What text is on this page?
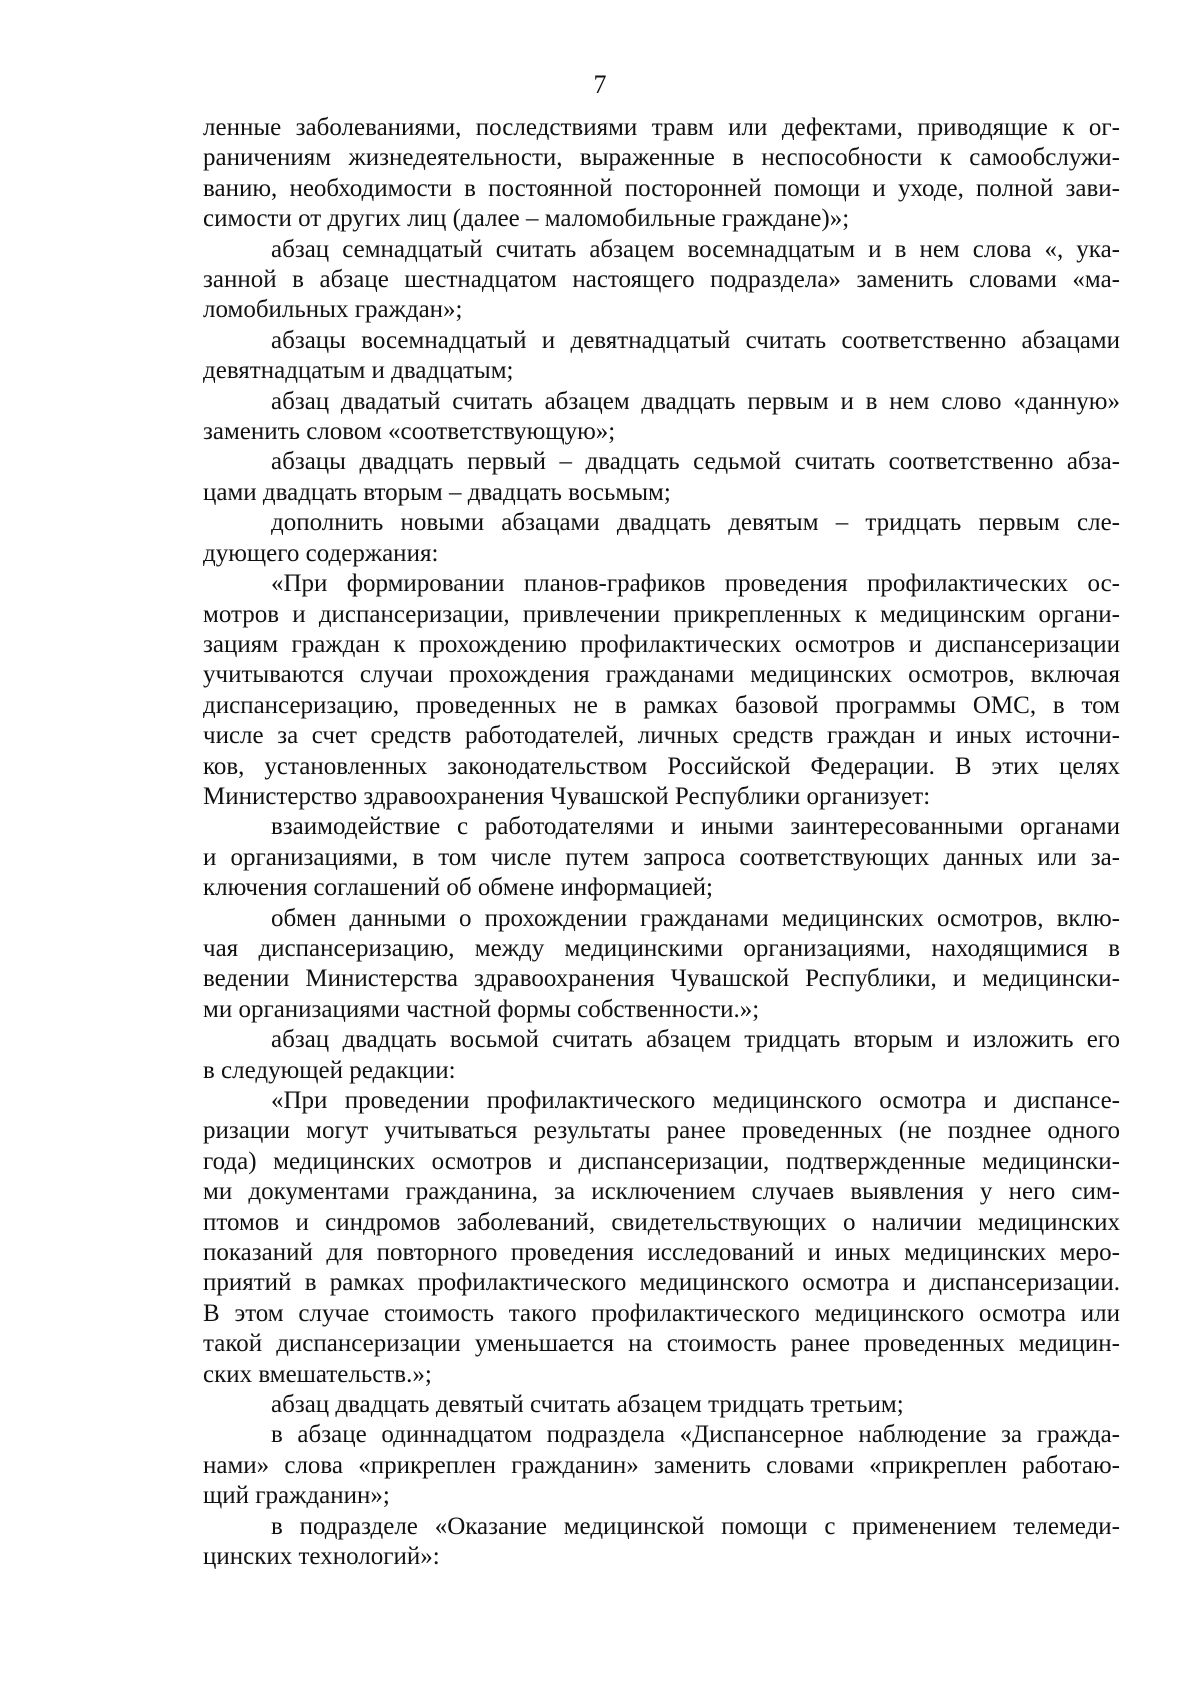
7
ленные заболеваниями, последствиями травм или дефектами, приводящие к ог-
раничениям жизнедеятельности, выраженные в неспособности к самообслужи-
ванию, необходимости в постоянной посторонней помощи и уходе, полной зави-
симости от других лиц (далее – маломобильные граждане)»;
абзац семнадцатый считать абзацем восемнадцатым и в нем слова «, ука-
занной в абзаце шестнадцатом настоящего подраздела» заменить словами «ма-
ломобильных граждан»;
абзацы восемнадцатый и девятнадцатый считать соответственно абзацами
девятнадцатым и двадцатым;
абзац двадатый считать абзацем двадцать первым и в нем слово «данную»
заменить словом «соответствующую»;
абзацы двадцать первый – двадцать седьмой считать соответственно абза-
цами двадцать вторым – двадцать восьмым;
дополнить новыми абзацами двадцать девятым – тридцать первым сле-
дующего содержания:
«При формировании планов-графиков проведения профилактических ос-
мотров и диспансеризации, привлечении прикрепленных к медицинским органи-
зациям граждан к прохождению профилактических осмотров и диспансеризации
учитываются случаи прохождения гражданами медицинских осмотров, включая
диспансеризацию, проведенных не в рамках базовой программы ОМС, в том
числе за счет средств работодателей, личных средств граждан и иных источни-
ков, установленных законодательством Российской Федерации. В этих целях
Министерство здравоохранения Чувашской Республики организует:
взаимодействие с работодателями и иными заинтересованными органами
и организациями, в том числе путем запроса соответствующих данных или за-
ключения соглашений об обмене информацией;
обмен данными о прохождении гражданами медицинских осмотров, вклю-
чая диспансеризацию, между медицинскими организациями, находящимися в
ведении Министерства здравоохранения Чувашской Республики, и медицински-
ми организациями частной формы собственности.»;
абзац двадцать восьмой считать абзацем тридцать вторым и изложить его
в следующей редакции:
«При проведении профилактического медицинского осмотра и диспансе-
ризации могут учитываться результаты ранее проведенных (не позднее одного
года) медицинских осмотров и диспансеризации, подтвержденные медицински-
ми документами гражданина, за исключением случаев выявления у него сим-
птомов и синдромов заболеваний, свидетельствующих о наличии медицинских
показаний для повторного проведения исследований и иных медицинских меро-
приятий в рамках профилактического медицинского осмотра и диспансеризации.
В этом случае стоимость такого профилактического медицинского осмотра или
такой диспансеризации уменьшается на стоимость ранее проведенных медицин-
ских вмешательств.»;
абзац двадцать девятый считать абзацем тридцать третьим;
в абзаце одиннадцатом подраздела «Диспансерное наблюдение за гражда-
нами» слова «прикреплен гражданин» заменить словами «прикреплен работаю-
щий гражданин»;
в подразделе «Оказание медицинской помощи с применением телемеди-
цинских технологий»:
